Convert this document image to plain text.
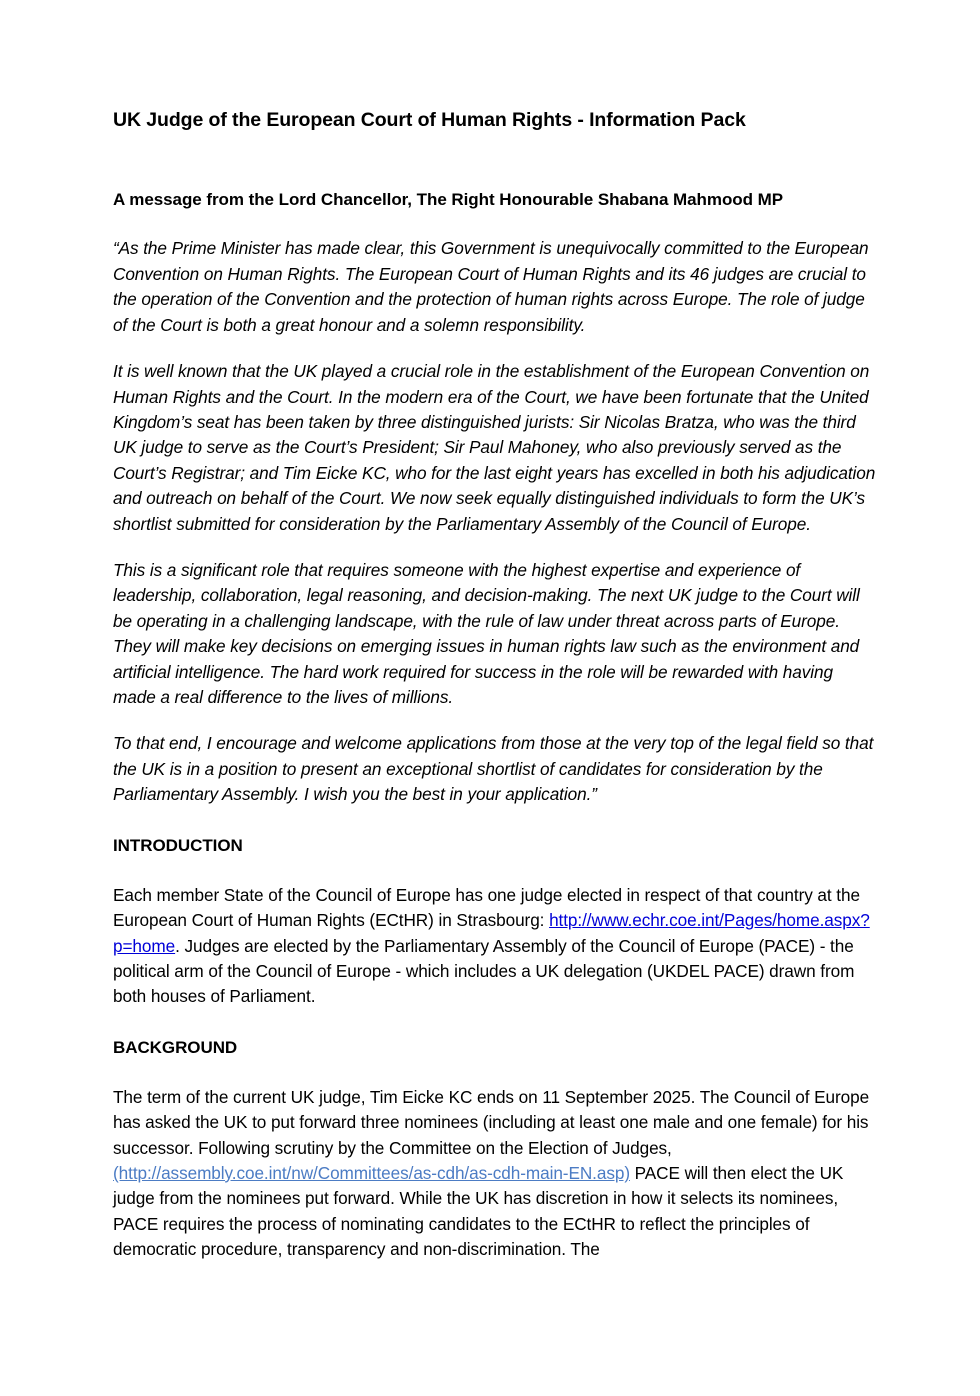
UK Judge of the European Court of Human Rights - Information Pack
A message from the Lord Chancellor, The Right Honourable Shabana Mahmood MP

“As the Prime Minister has made clear, this Government is unequivocally committed to the European Convention on Human Rights. The European Court of Human Rights and its 46 judges are crucial to the operation of the Convention and the protection of human rights across Europe. The role of judge of the Court is both a great honour and a solemn responsibility.

It is well known that the UK played a crucial role in the establishment of the European Convention on Human Rights and the Court. In the modern era of the Court, we have been fortunate that the United Kingdom’s seat has been taken by three distinguished jurists: Sir Nicolas Bratza, who was the third UK judge to serve as the Court’s President; Sir Paul Mahoney, who also previously served as the Court’s Registrar; and Tim Eicke KC, who for the last eight years has excelled in both his adjudication and outreach on behalf of the Court. We now seek equally distinguished individuals to form the UK’s shortlist submitted for consideration by the Parliamentary Assembly of the Council of Europe.

This is a significant role that requires someone with the highest expertise and experience of leadership, collaboration, legal reasoning, and decision-making. The next UK judge to the Court will be operating in a challenging landscape, with the rule of law under threat across parts of Europe. They will make key decisions on emerging issues in human rights law such as the environment and artificial intelligence. The hard work required for success in the role will be rewarded with having made a real difference to the lives of millions.

To that end, I encourage and welcome applications from those at the very top of the legal field so that the UK is in a position to present an exceptional shortlist of candidates for consideration by the Parliamentary Assembly. I wish you the best in your application.”

INTRODUCTION

Each member State of the Council of Europe has one judge elected in respect of that country at the European Court of Human Rights (ECtHR) in Strasbourg: http://www.echr.coe.int/Pages/home.aspx?p=home. Judges are elected by the Parliamentary Assembly of the Council of Europe (PACE) - the political arm of the Council of Europe - which includes a UK delegation (UKDEL PACE) drawn from both houses of Parliament.

BACKGROUND

The term of the current UK judge, Tim Eicke KC ends on 11 September 2025. The Council of Europe has asked the UK to put forward three nominees (including at least one male and one female) for his successor. Following scrutiny by the Committee on the Election of Judges, (http://assembly.coe.int/nw/Committees/as-cdh/as-cdh-main-EN.asp) PACE will then elect the UK judge from the nominees put forward. While the UK has discretion in how it selects its nominees, PACE requires the process of nominating candidates to the ECtHR to reflect the principles of democratic procedure, transparency and non-discrimination. The
